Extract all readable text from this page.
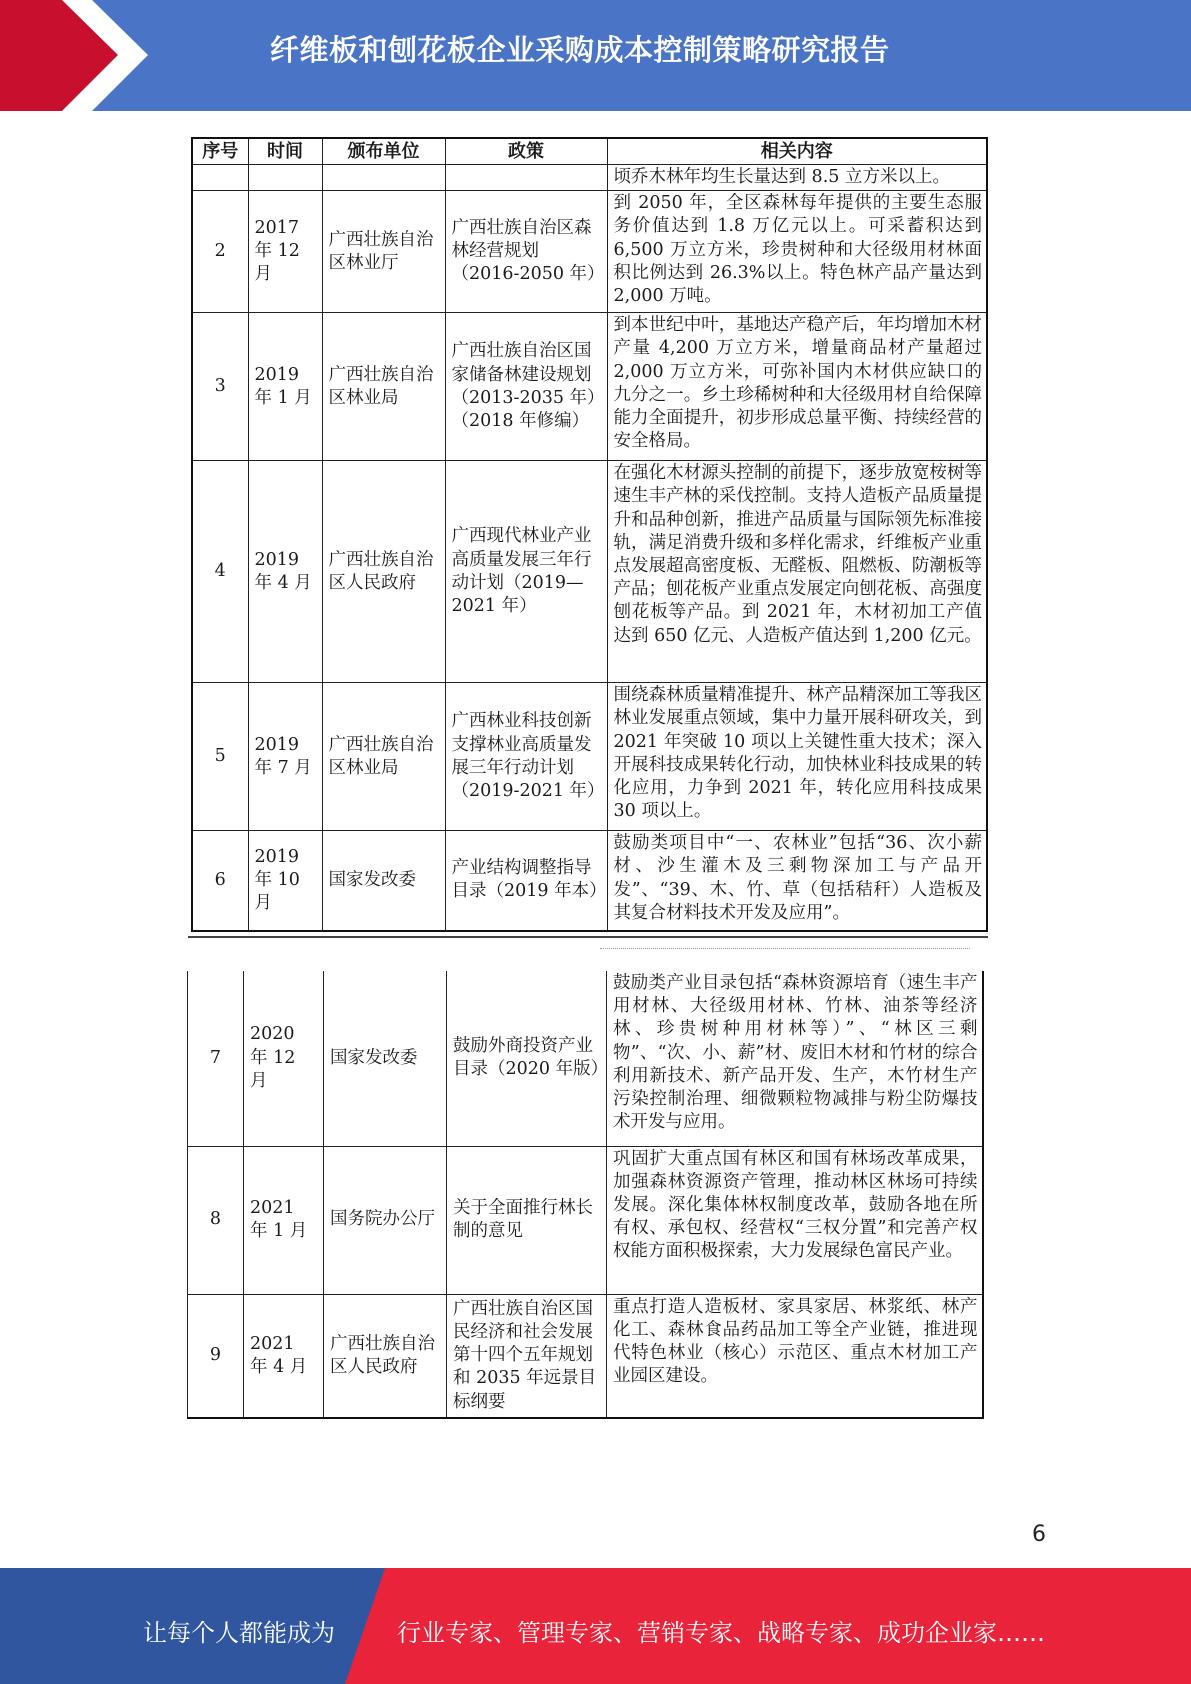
纤维板和刨花板企业采购成本控制策略研究报告
序号	时间	颁布单位	政策	相关内容
				顷乔木林年均生长量达到 8.5 立方米以上。
2	2017 年 12 月	广西壮族自治区林业厅	广西壮族自治区森林经营规划（2016-2050 年）	到 2050 年，全区森林每年提供的主要生态服务价值达到 1.8 万亿元以上。可采蓄积达到 6,500 万立方米，珍贵树种和大径级用材林面积比例达到 26.3%以上。特色林产品产量达到 2,000 万吨。
3	2019 年 1 月	广西壮族自治区林业局	广西壮族自治区国家储备林建设规划（2013-2035 年）（2018 年修编）	到本世纪中叶，基地达产稳产后，年均增加木材产量 4,200 万立方米，增量商品材产量超过 2,000 万立方米，可弥补国内木材供应缺口的九分之一。乡土珍稀树种和大径级用材自给保障能力全面提升，初步形成总量平衡、持续经营的安全格局。
4	2019 年 4 月	广西壮族自治区人民政府	广西现代林业产业高质量发展三年行动计划（2019—2021 年）	在强化木材源头控制的前提下，逐步放宽桉树等速生丰产林的采伐控制。支持人造板产品质量提升和品种创新，推进产品质量与国际领先标准接轨，满足消费升级和多样化需求，纤维板产业重点发展超高密度板、无醛板、阻燃板、防潮板等产品；刨花板产业重点发展定向刨花板、高强度刨花板等产品。到 2021 年，木材初加工产值达到 650 亿元、人造板产值达到 1,200 亿元。
5	2019 年 7 月	广西壮族自治区林业局	广西林业科技创新支撑林业高质量发展三年行动计划（2019-2021 年）	围绕森林质量精准提升、林产品精深加工等我区林业发展重点领域，集中力量开展科研攻关，到 2021 年突破 10 项以上关键性重大技术；深入开展科技成果转化行动，加快林业科技成果的转化应用，力争到 2021 年，转化应用科技成果 30 项以上。
6	2019 年 10 月	国家发改委	产业结构调整指导目录（2019 年本）	鼓励类项目中“一、农林业”包括“36、次小薪材、沙生灌木及三剩物深加工与产品开发”、“39、木、竹、草（包括秸秆）人造板及其复合材料技术开发及应用”。
7	2020 年 12 月	国家发改委	鼓励外商投资产业目录（2020 年版）	鼓励类产业目录包括“森林资源培育（速生丰产用材林、大径级用材林、竹林、油茶等经济林、珍贵树种用材林等）”、“林区三剩物”、“次、小、薪”材、废旧木材和竹材的综合利用新技术、新产品开发、生产，木竹材生产污染控制治理、细微颗粒物减排与粉尘防爆技术开发与应用。
8	2021 年 1 月	国务院办公厅	关于全面推行林长制的意见	巩固扩大重点国有林区和国有林场改革成果，加强森林资源资产管理，推动林区林场可持续发展。深化集体林权制度改革，鼓励各地在所有权、承包权、经营权“三权分置”和完善产权权能方面积极探索，大力发展绿色富民产业。
9	2021 年 4 月	广西壮族自治区人民政府	广西壮族自治区国民经济和社会发展第十四个五年规划和 2035 年远景目标纲要	重点打造人造板材、家具家居、林浆纸、林产化工、森林食品药品加工等全产业链，推进现代特色林业（核心）示范区、重点木材加工产业园区建设。
6
让每个人都能成为	行业专家、管理专家、营销专家、战略专家、成功企业家……
